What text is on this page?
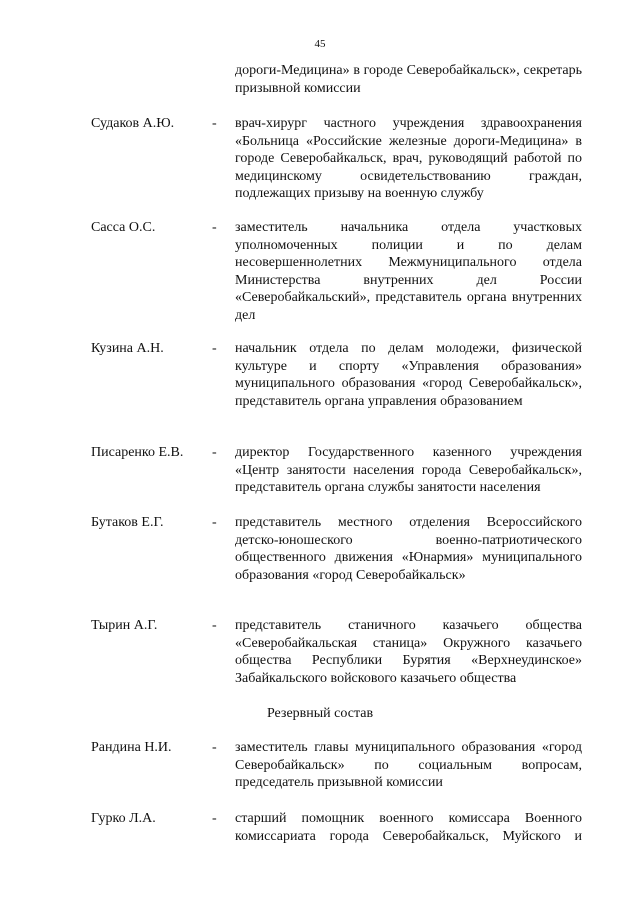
45
дороги-Медицина» в городе Северобайкальск», секретарь призывной комиссии
Судаков А.Ю.	- врач-хирург частного учреждения здравоохранения «Больница «Российские железные дороги-Медицина» в городе Северобайкальск, врач, руководящий работой по медицинскому освидетельствованию граждан, подлежащих призыву на военную службу
Сасса О.С.	- заместитель начальника отдела участковых уполномоченных полиции и по делам несовершеннолетних Межмуниципального отдела Министерства внутренних дел России «Северобайкальский», представитель органа внутренних дел
Кузина А.Н.	- начальник отдела по делам молодежи, физической культуре и спорту «Управления образования» муниципального образования «город Северобайкальск», представитель органа управления образованием
Писаренко Е.В. - директор Государственного казенного учреждения «Центр занятости населения города Северобайкальск», представитель органа службы занятости населения
Бутаков Е.Г.	- представитель местного отделения Всероссийского детско-юношеского военно-патриотического общественного движения «Юнармия» муниципального образования «город Северобайкальск»
Тырин А.Г.	- представитель станичного казачьего общества «Северобайкальская станица» Окружного казачьего общества Республики Бурятия «Верхнеудинское» Забайкальского войскового казачьего общества
Резервный состав
Рандина Н.И.	- заместитель главы муниципального образования «город Северобайкальск» по социальным вопросам, председатель призывной комиссии
Гурко Л.А.	- старший помощник военного комиссара Военного комиссариата города Северобайкальск, Муйского и
